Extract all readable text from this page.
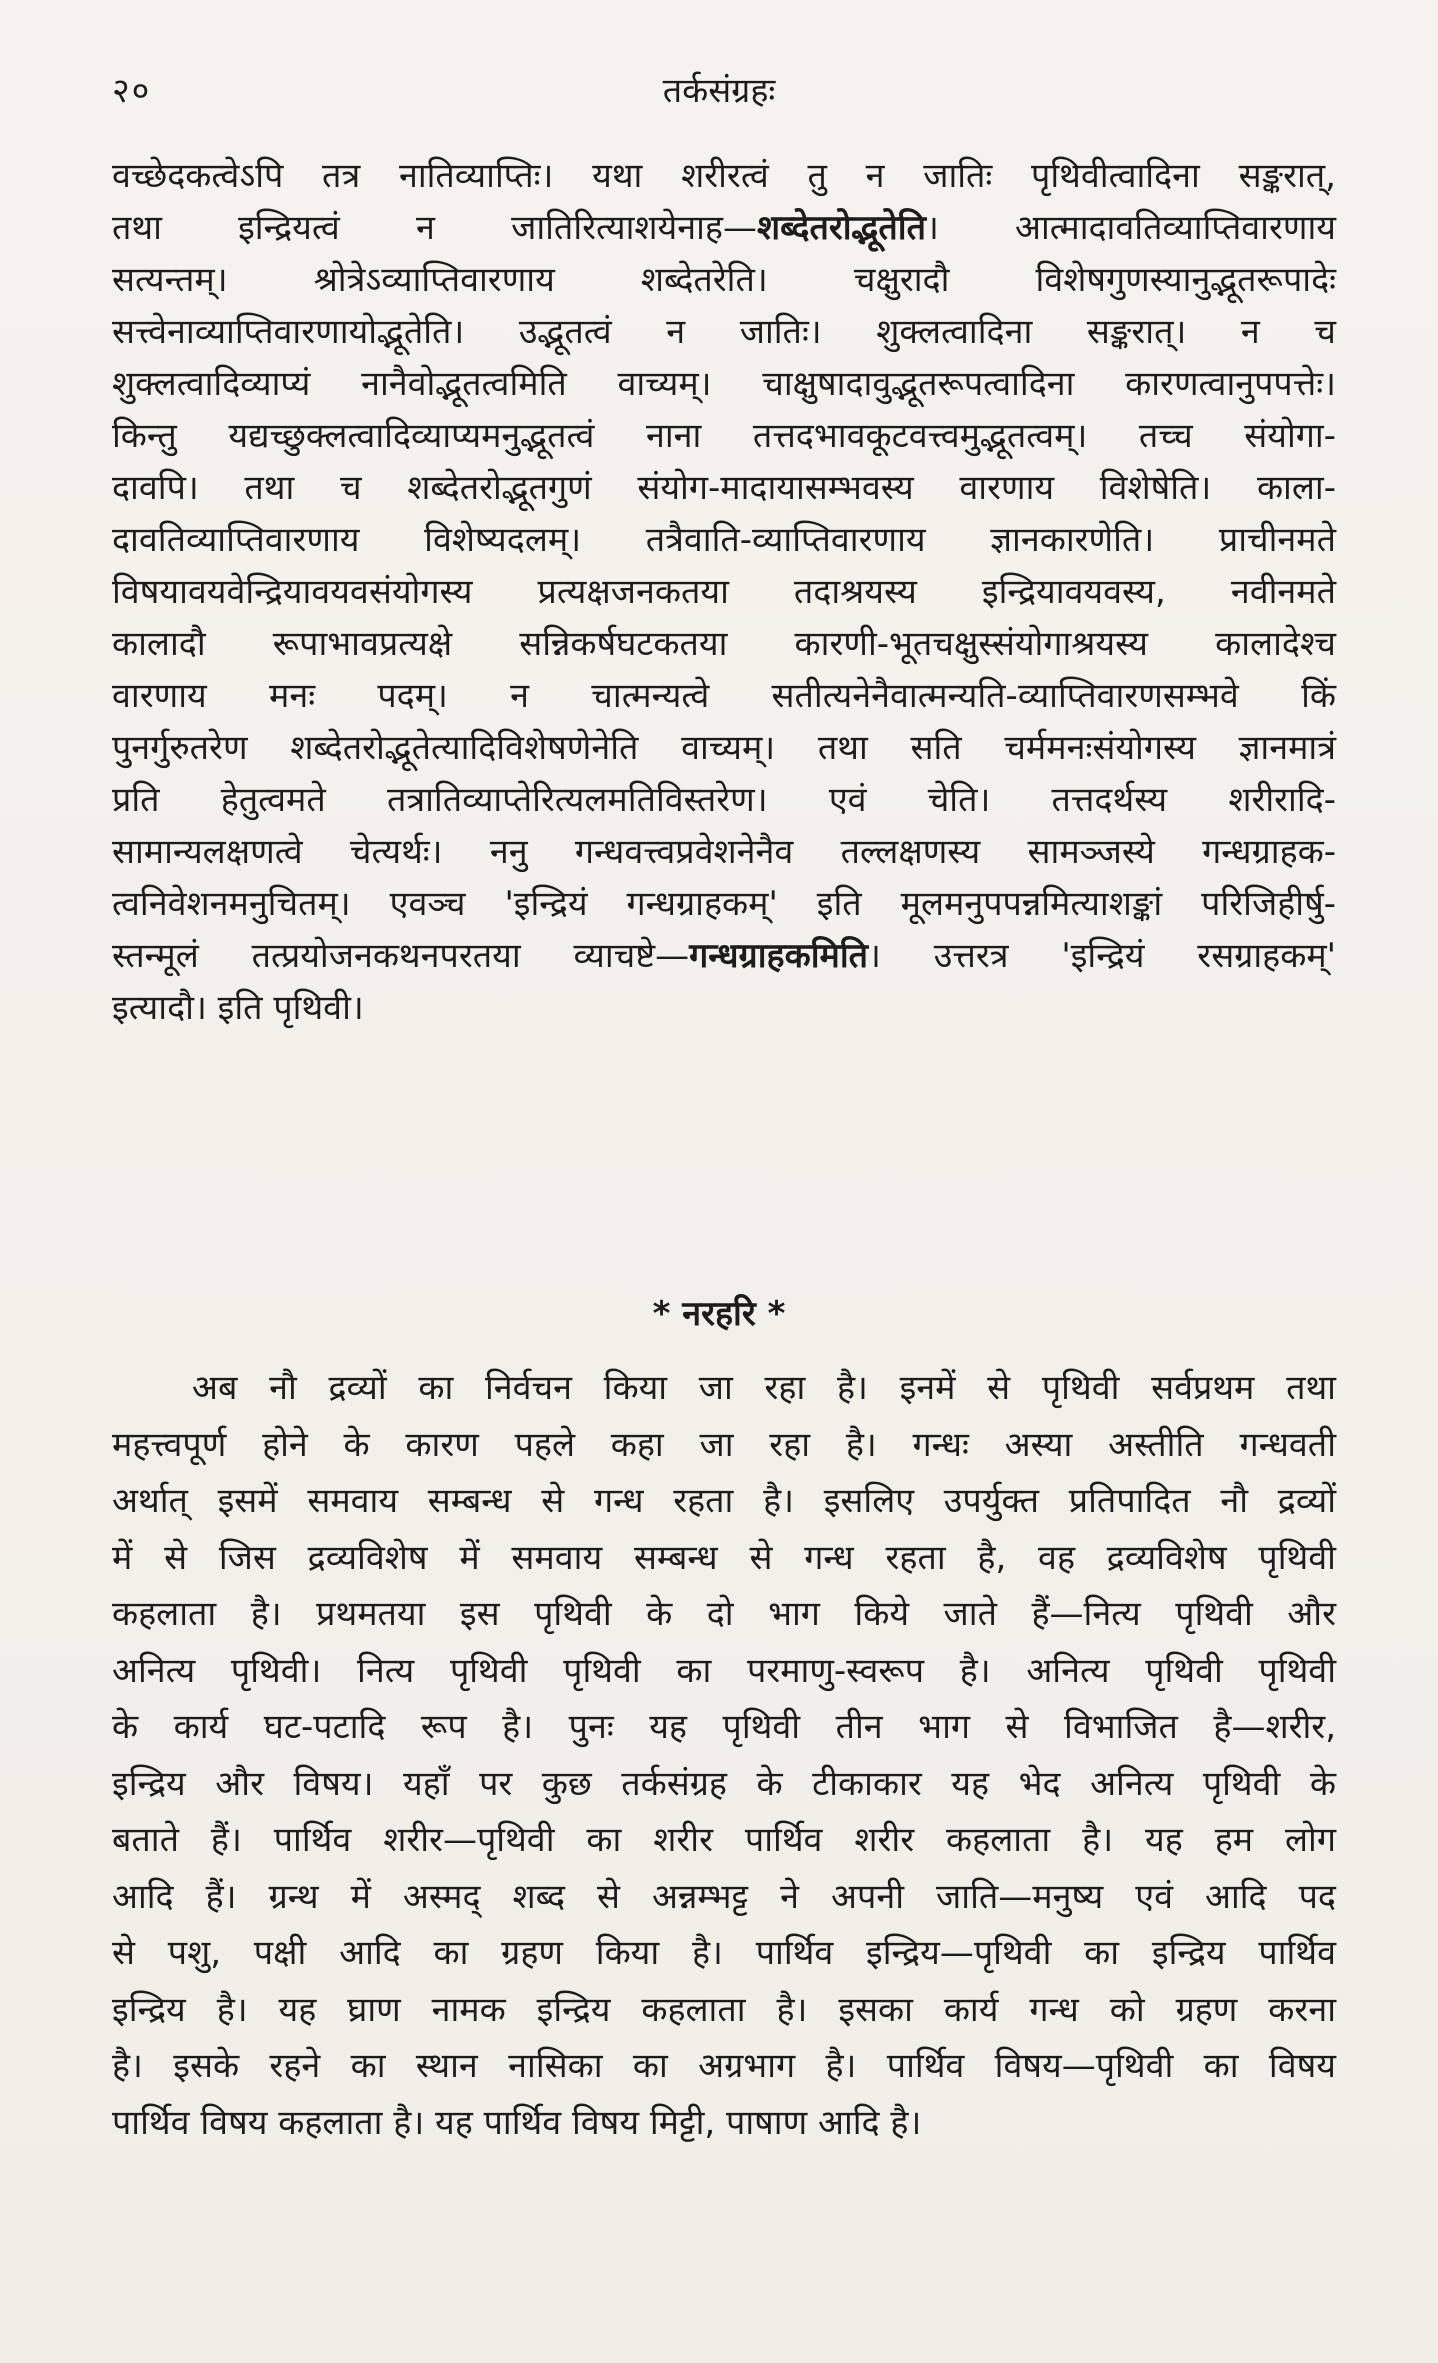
२०	तर्कसंग्रहः
वच्छेदकत्वेऽपि तत्र नातिव्याप्तिः। यथा शरीरत्वं तु न जातिः पृथिवीत्वादिना सङ्करात्,
तथा इन्द्रियत्वं न जातिरित्याशयेनाह—शब्देतरोद्भूतेति। आत्मादावतिव्याप्तिवारणाय
सत्यन्तम्। श्रोत्रेऽव्याप्तिवारणाय शब्देतरेति। चक्षुरादौ विशेषगुणस्यानुद्भूतरूपादेः
सत्त्वेनाव्याप्तिवारणायोद्भूतेति। उद्भूतत्वं न जातिः। शुक्लत्वादिना सङ्करात्। न च
शुक्लत्वादिव्याप्यं नानैवोद्भूतत्वमिति वाच्यम्। चाक्षुषादावुद्भूतरूपत्वादिना कारणत्वानुपपत्तेः।
किन्तु यद्यच्छुक्लत्वादिव्याप्यमनुद्भूतत्वं नाना तत्तदभावकूटवत्त्वमुद्भूतत्वम्। तच्च संयोगा-
दावपि। तथा च शब्देतरोद्भूतगुणं संयोग-मादायासम्भवस्य वारणाय विशेषेति। काला-
दावतिव्याप्तिवारणाय विशेष्यदलम्। तत्रैवाति-व्याप्तिवारणाय ज्ञानकारणेति। प्राचीनमते
विषयावयवेन्द्रियावयवसंयोगस्य प्रत्यक्षजनकतया तदाश्रयस्य इन्द्रियावयवस्य, नवीनमते
कालादौ रूपाभावप्रत्यक्षे सन्निकर्षघटकतया कारणी-भूतचक्षुस्संयोगाश्रयस्य कालादेश्च
वारणाय मनः पदम्। न चात्मन्यत्वे सतीत्यनेनैवात्मन्यति-व्याप्तिवारणसम्भवे किं
पुनर्गुरुतरेण शब्देतरोद्भूतेत्यादिविशेषणेनेति वाच्यम्। तथा सति चर्ममनःसंयोगस्य ज्ञानमात्रं
प्रति हेतुत्वमते तत्रातिव्याप्तेरित्यलमतिविस्तरेण। एवं चेति। तत्तदर्थस्य शरीरादि-
सामान्यलक्षणत्वे चेत्यर्थः। ननु गन्धवत्त्वप्रवेशनेनैव तल्लक्षणस्य सामञ्जस्ये गन्धग्राहक-
त्वनिवेशनमनुचितम्। एवञ्च 'इन्द्रियं गन्धग्राहकम्' इति मूलमनुपपन्नमित्याशङ्कां परिजिहीर्षु-
स्तन्मूलं तत्प्रयोजनकथनपरतया व्याचष्टे—गन्धग्राहकमिति। उत्तरत्र 'इन्द्रियं रसग्राहकम्'
इत्यादौ। इति पृथिवी।
* नरहरि *
अब नौ द्रव्यों का निर्वचन किया जा रहा है। इनमें से पृथिवी सर्वप्रथम तथा
महत्त्वपूर्ण होने के कारण पहले कहा जा रहा है। गन्धः अस्या अस्तीति गन्धवती
अर्थात् इसमें समवाय सम्बन्ध से गन्ध रहता है। इसलिए उपर्युक्त प्रतिपादित नौ द्रव्यों
में से जिस द्रव्यविशेष में समवाय सम्बन्ध से गन्ध रहता है, वह द्रव्यविशेष पृथिवी
कहलाता है। प्रथमतया इस पृथिवी के दो भाग किये जाते हैं—नित्य पृथिवी और
अनित्य पृथिवी। नित्य पृथिवी पृथिवी का परमाणु-स्वरूप है। अनित्य पृथिवी पृथिवी
के कार्य घट-पटादि रूप है। पुनः यह पृथिवी तीन भाग से विभाजित है—शरीर,
इन्द्रिय और विषय। यहाँ पर कुछ तर्कसंग्रह के टीकाकार यह भेद अनित्य पृथिवी के
बताते हैं। पार्थिव शरीर—पृथिवी का शरीर पार्थिव शरीर कहलाता है। यह हम लोग
आदि हैं। ग्रन्थ में अस्मद् शब्द से अन्नम्भट्ट ने अपनी जाति—मनुष्य एवं आदि पद
से पशु, पक्षी आदि का ग्रहण किया है। पार्थिव इन्द्रिय—पृथिवी का इन्द्रिय पार्थिव
इन्द्रिय है। यह घ्राण नामक इन्द्रिय कहलाता है। इसका कार्य गन्ध को ग्रहण करना
है। इसके रहने का स्थान नासिका का अग्रभाग है। पार्थिव विषय—पृथिवी का विषय
पार्थिव विषय कहलाता है। यह पार्थिव विषय मिट्टी, पाषाण आदि है।
